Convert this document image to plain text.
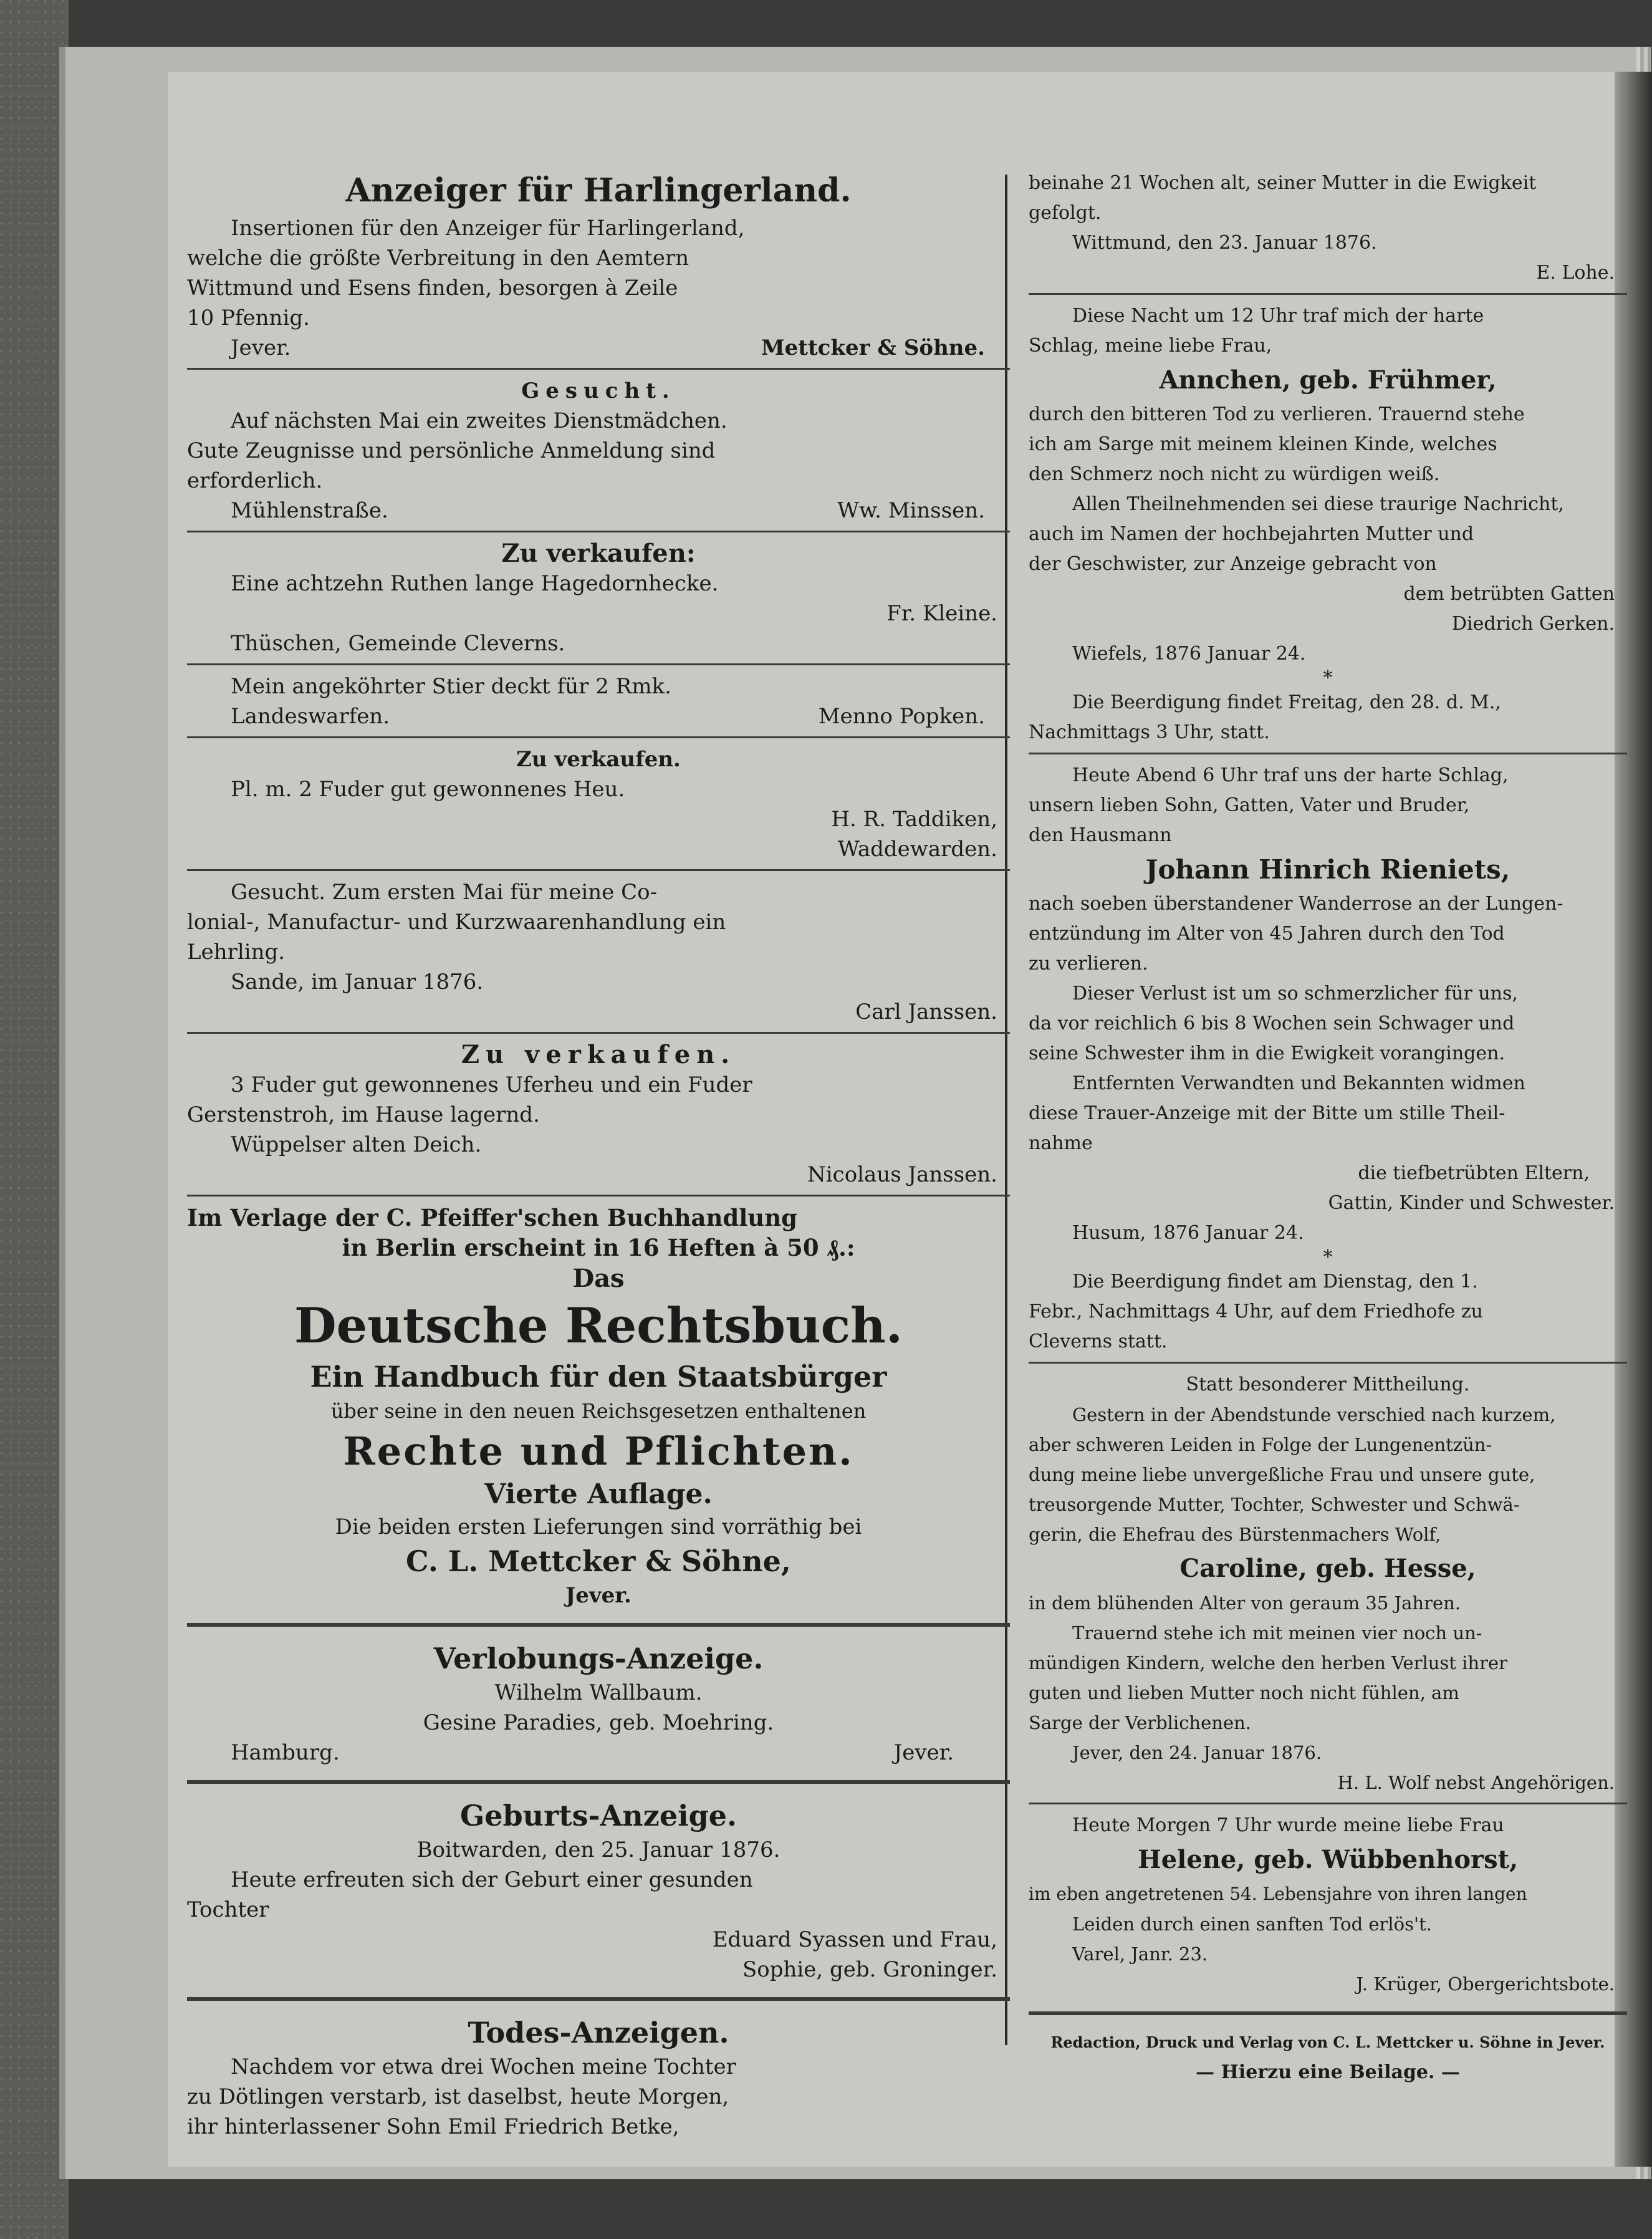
Anzeiger für Harlingerland.
Insertionen für den Anzeiger für Harlingerland,
welche die größte Verbreitung in den Aemtern
Wittmund und Esens finden, besorgen à Zeile
10 Pfennig.
Jever.	Mettcker & Söhne.
Gesucht.
Auf nächsten Mai ein zweites Dienstmädchen.
Gute Zeugnisse und persönliche Anmeldung sind
erforderlich.
Mühlenstraße.	Ww. Minssen.
Zu verkaufen:
Eine achtzehn Ruthen lange Hagedornhecke.
Fr. Kleine.
Thüschen, Gemeinde Cleverns.
Mein angeköhrter Stier deckt für 2 Rmk.
Landeswarfen.	Menno Popken.
Zu verkaufen.
Pl. m. 2 Fuder gut gewonnenes Heu.
H. R. Taddiken,
Waddewarden.
Gesucht. Zum ersten Mai für meine Co-
lonial-, Manufactur- und Kurzwaarenhandlung ein
Lehrling.
Sande, im Januar 1876.
Carl Janssen.
Zu verkaufen.
3 Fuder gut gewonnenes Uferheu und ein Fuder
Gerstenstroh, im Hause lagernd.
Wüppelser alten Deich.
Nicolaus Janssen.
Im Verlage der C. Pfeiffer'schen Buchhandlung
in Berlin erscheint in 16 Heften à 50 ₰.:
Das
Deutsche Rechtsbuch.
Ein Handbuch für den Staatsbürger
über seine in den neuen Reichsgesetzen enthaltenen
Rechte und Pflichten.
Vierte Auflage.
Die beiden ersten Lieferungen sind vorräthig bei
C. L. Mettcker & Söhne,
Jever.
Verlobungs-Anzeige.
Wilhelm Wallbaum.
Gesine Paradies, geb. Moehring.
Hamburg.	Jever.
Geburts-Anzeige.
Boitwarden, den 25. Januar 1876.
Heute erfreuten sich der Geburt einer gesunden
Tochter
Eduard Syassen und Frau,
Sophie, geb. Groninger.
Todes-Anzeigen.
Nachdem vor etwa drei Wochen meine Tochter
zu Dötlingen verstarb, ist daselbst, heute Morgen,
ihr hinterlassener Sohn Emil Friedrich Betke,
beinahe 21 Wochen alt, seiner Mutter in die Ewigkeit
gefolgt.
Wittmund, den 23. Januar 1876.
E. Lohe.
Diese Nacht um 12 Uhr traf mich der harte
Schlag, meine liebe Frau,
Annchen, geb. Frühmer,
durch den bitteren Tod zu verlieren. Trauernd stehe
ich am Sarge mit meinem kleinen Kinde, welches
den Schmerz noch nicht zu würdigen weiß.
Allen Theilnehmenden sei diese traurige Nachricht,
auch im Namen der hochbejahrten Mutter und
der Geschwister, zur Anzeige gebracht von
dem betrübten Gatten
Diedrich Gerken.
Wiefels, 1876 Januar 24.
*
Die Beerdigung findet Freitag, den 28. d. M.,
Nachmittags 3 Uhr, statt.
Heute Abend 6 Uhr traf uns der harte Schlag,
unsern lieben Sohn, Gatten, Vater und Bruder,
den Hausmann
Johann Hinrich Rieniets,
nach soeben überstandener Wanderrose an der Lungen-
entzündung im Alter von 45 Jahren durch den Tod
zu verlieren.
Dieser Verlust ist um so schmerzlicher für uns,
da vor reichlich 6 bis 8 Wochen sein Schwager und
seine Schwester ihm in die Ewigkeit vorangingen.
Entfernten Verwandten und Bekannten widmen
diese Trauer-Anzeige mit der Bitte um stille Theil-
nahme
die tiefbetrübten Eltern,
Gattin, Kinder und Schwester.
Husum, 1876 Januar 24.
*
Die Beerdigung findet am Dienstag, den 1.
Febr., Nachmittags 4 Uhr, auf dem Friedhofe zu
Cleverns statt.
Statt besonderer Mittheilung.
Gestern in der Abendstunde verschied nach kurzem,
aber schweren Leiden in Folge der Lungenentzün-
dung meine liebe unvergeßliche Frau und unsere gute,
treusorgende Mutter, Tochter, Schwester und Schwä-
gerin, die Ehefrau des Bürstenmachers Wolf,
Caroline, geb. Hesse,
in dem blühenden Alter von geraum 35 Jahren.
Trauernd stehe ich mit meinen vier noch un-
mündigen Kindern, welche den herben Verlust ihrer
guten und lieben Mutter noch nicht fühlen, am
Sarge der Verblichenen.
Jever, den 24. Januar 1876.
H. L. Wolf nebst Angehörigen.
Heute Morgen 7 Uhr wurde meine liebe Frau
Helene, geb. Wübbenhorst,
im eben angetretenen 54. Lebensjahre von ihren langen
Leiden durch einen sanften Tod erlös't.
Varel, Janr. 23.
J. Krüger, Obergerichtsbote.
Redaction, Druck und Verlag von C. L. Mettcker u. Söhne in Jever.
— Hierzu eine Beilage. —
